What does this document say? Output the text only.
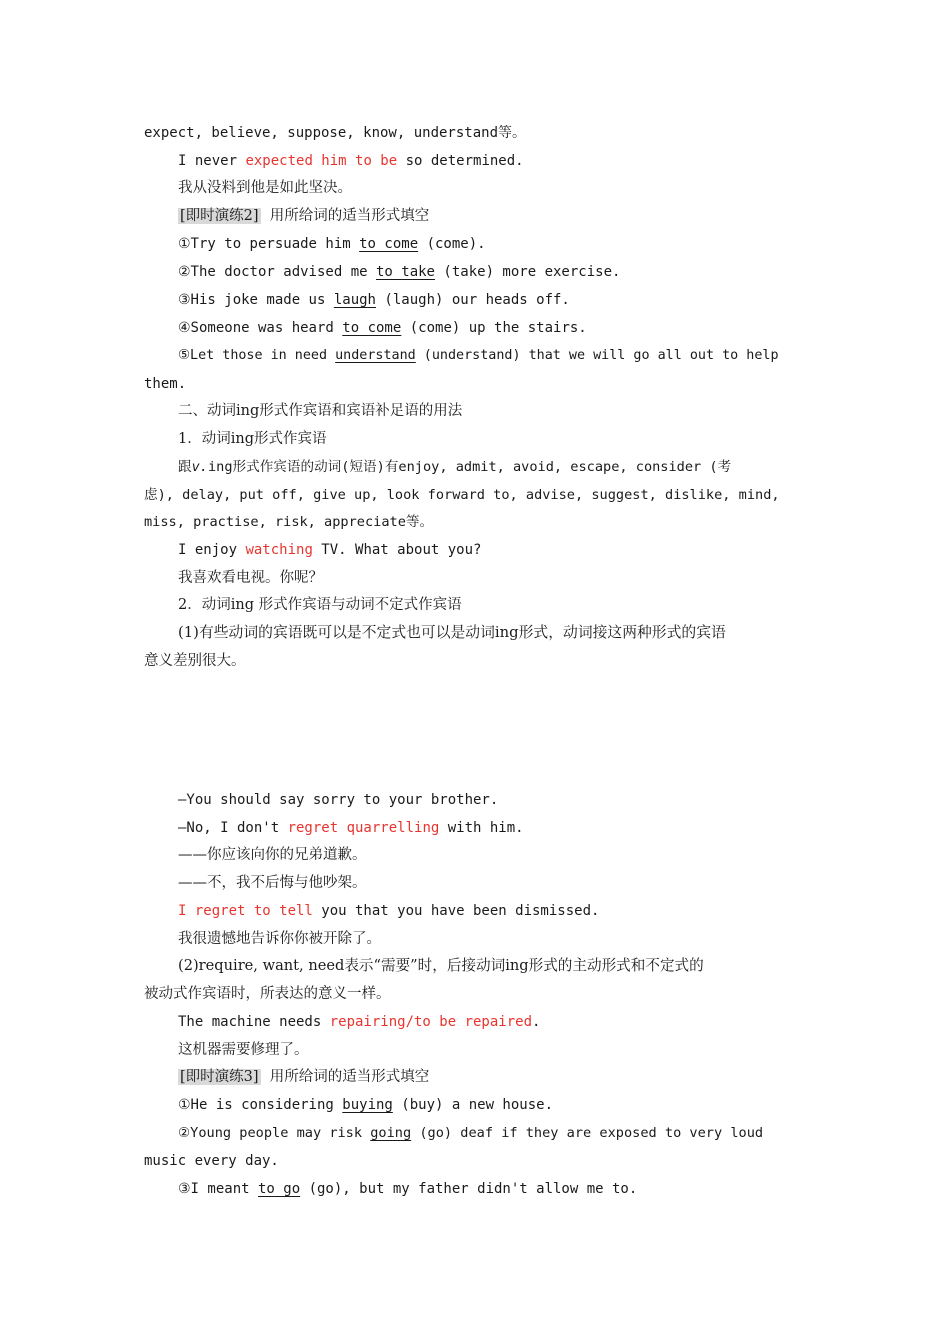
expect, believe, suppose, know, understand等。
I never expected him to be so determined.
我从没料到他是如此坚决。
[即时演练2]  用所给词的适当形式填空
①Try to persuade him to come (come).
②The doctor advised me to take (take) more exercise.
③His joke made us laugh (laugh) our heads off.
④Someone was heard to come (come) up the stairs.
⑤Let those in need understand (understand) that we will go all out to help
them.
二、动词ing形式作宾语和宾语补足语的用法
1．动词ing形式作宾语
跟v.ing形式作宾语的动词(短语)有enjoy, admit, avoid, escape, consider (考
虑), delay, put off, give up, look forward to, advise, suggest, dislike, mind,
miss, practise, risk, appreciate等。
I enjoy watching TV. What about you?
我喜欢看电视。你呢？
2．动词ing 形式作宾语与动词不定式作宾语
(1)有些动词的宾语既可以是不定式也可以是动词ing形式，动词接这两种形式的宾语
意义差别很大。
—You should say sorry to your brother.
—No, I don't regret quarrelling with him.
——你应该向你的兄弟道歉。
——不，我不后悔与他吵架。
I regret to tell you that you have been dismissed.
我很遗憾地告诉你你被开除了。
(2)require, want, need表示“需要”时，后接动词ing形式的主动形式和不定式的
被动式作宾语时，所表达的意义一样。
The machine needs repairing/to be repaired.
这机器需要修理了。
[即时演练3]  用所给词的适当形式填空
①He is considering buying (buy) a new house.
②Young people may risk going (go) deaf if they are exposed to very loud
music every day.
③I meant to go (go), but my father didn't allow me to.
